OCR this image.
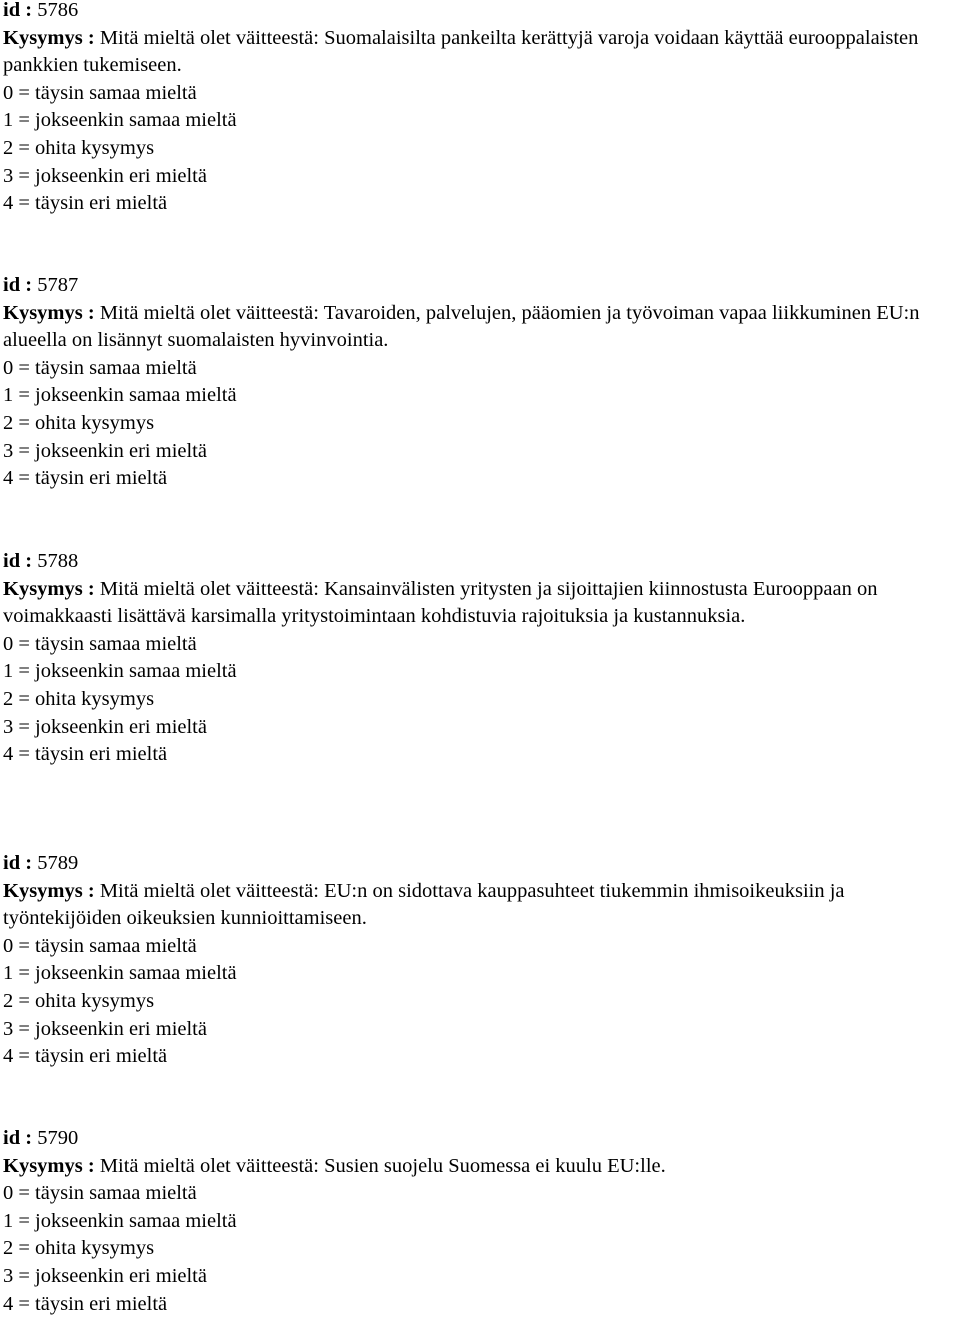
id : 5786
Kysymys : Mitä mieltä olet väitteestä: Suomalaisilta pankeilta kerättyjä varoja voidaan käyttää eurooppalaisten pankkien tukemiseen.
0 = täysin samaa mieltä
1 = jokseenkin samaa mieltä
2 = ohita kysymys
3 = jokseenkin eri mieltä
4 = täysin eri mieltä
id : 5787
Kysymys : Mitä mieltä olet väitteestä: Tavaroiden, palvelujen, pääomien ja työvoiman vapaa liikkuminen EU:n alueella on lisännyt suomalaisten hyvinvointia.
0 = täysin samaa mieltä
1 = jokseenkin samaa mieltä
2 = ohita kysymys
3 = jokseenkin eri mieltä
4 = täysin eri mieltä
id : 5788
Kysymys : Mitä mieltä olet väitteestä: Kansainvälisten yritysten ja sijoittajien kiinnostusta Eurooppaan on voimakkaasti lisättävä karsimalla yritystoimintaan kohdistuvia rajoituksia ja kustannuksia.
0 = täysin samaa mieltä
1 = jokseenkin samaa mieltä
2 = ohita kysymys
3 = jokseenkin eri mieltä
4 = täysin eri mieltä
id : 5789
Kysymys : Mitä mieltä olet väitteestä: EU:n on sidottava kauppasuhteet tiukemmin ihmisoikeuksiin ja työntekijöiden oikeuksien kunnioittamiseen.
0 = täysin samaa mieltä
1 = jokseenkin samaa mieltä
2 = ohita kysymys
3 = jokseenkin eri mieltä
4 = täysin eri mieltä
id : 5790
Kysymys : Mitä mieltä olet väitteestä: Susien suojelu Suomessa ei kuulu EU:lle.
0 = täysin samaa mieltä
1 = jokseenkin samaa mieltä
2 = ohita kysymys
3 = jokseenkin eri mieltä
4 = täysin eri mieltä
